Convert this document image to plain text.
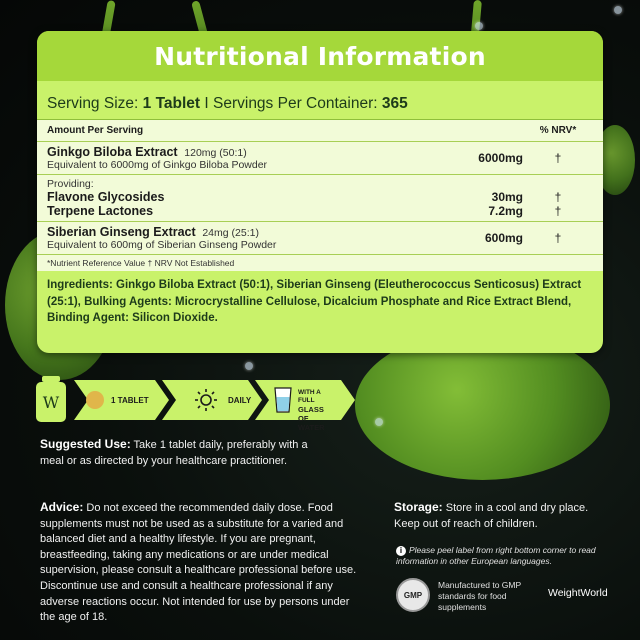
Nutritional Information
Serving Size: 1 Tablet I Servings Per Container: 365
Amount Per Serving	% NRV*
Ginkgo Biloba Extract 120mg (50:1)
Equivalent to 6000mg of Ginkgo Biloba Powder	6000mg	†
Providing:
Flavone Glycosides	30mg	†
Terpene Lactones	7.2mg	†
Siberian Ginseng Extract 24mg (25:1)
Equivalent to 600mg of Siberian Ginseng Powder	600mg	†
*Nutrient Reference Value † NRV Not Established
Ingredients: Ginkgo Biloba Extract (50:1), Siberian Ginseng (Eleutherococcus Senticosus) Extract (25:1), Bulking Agents: Microcrystalline Cellulose, Dicalcium Phosphate and Rice Extract Blend, Binding Agent: Silicon Dioxide.
W	1 TABLET	DAILY
WITH A FULL
GLASS OF
WATER
Suggested Use: Take 1 tablet daily, preferably with a meal or as directed by your healthcare practitioner.
Advice: Do not exceed the recommended daily dose. Food supplements must not be used as a substitute for a varied and balanced diet and a healthy lifestyle. If you are pregnant, breastfeeding, taking any medications or are under medical supervision, please consult a healthcare professional before use. Discontinue use and consult a healthcare professional if any adverse reactions occur. Not intended for use by persons under the age of 18.
Storage: Store in a cool and dry place. Keep out of reach of children.
i Please peel label from right bottom corner to read information in other European languages.
GMP
Manufactured to GMP standards for food supplements
WeightWorld
